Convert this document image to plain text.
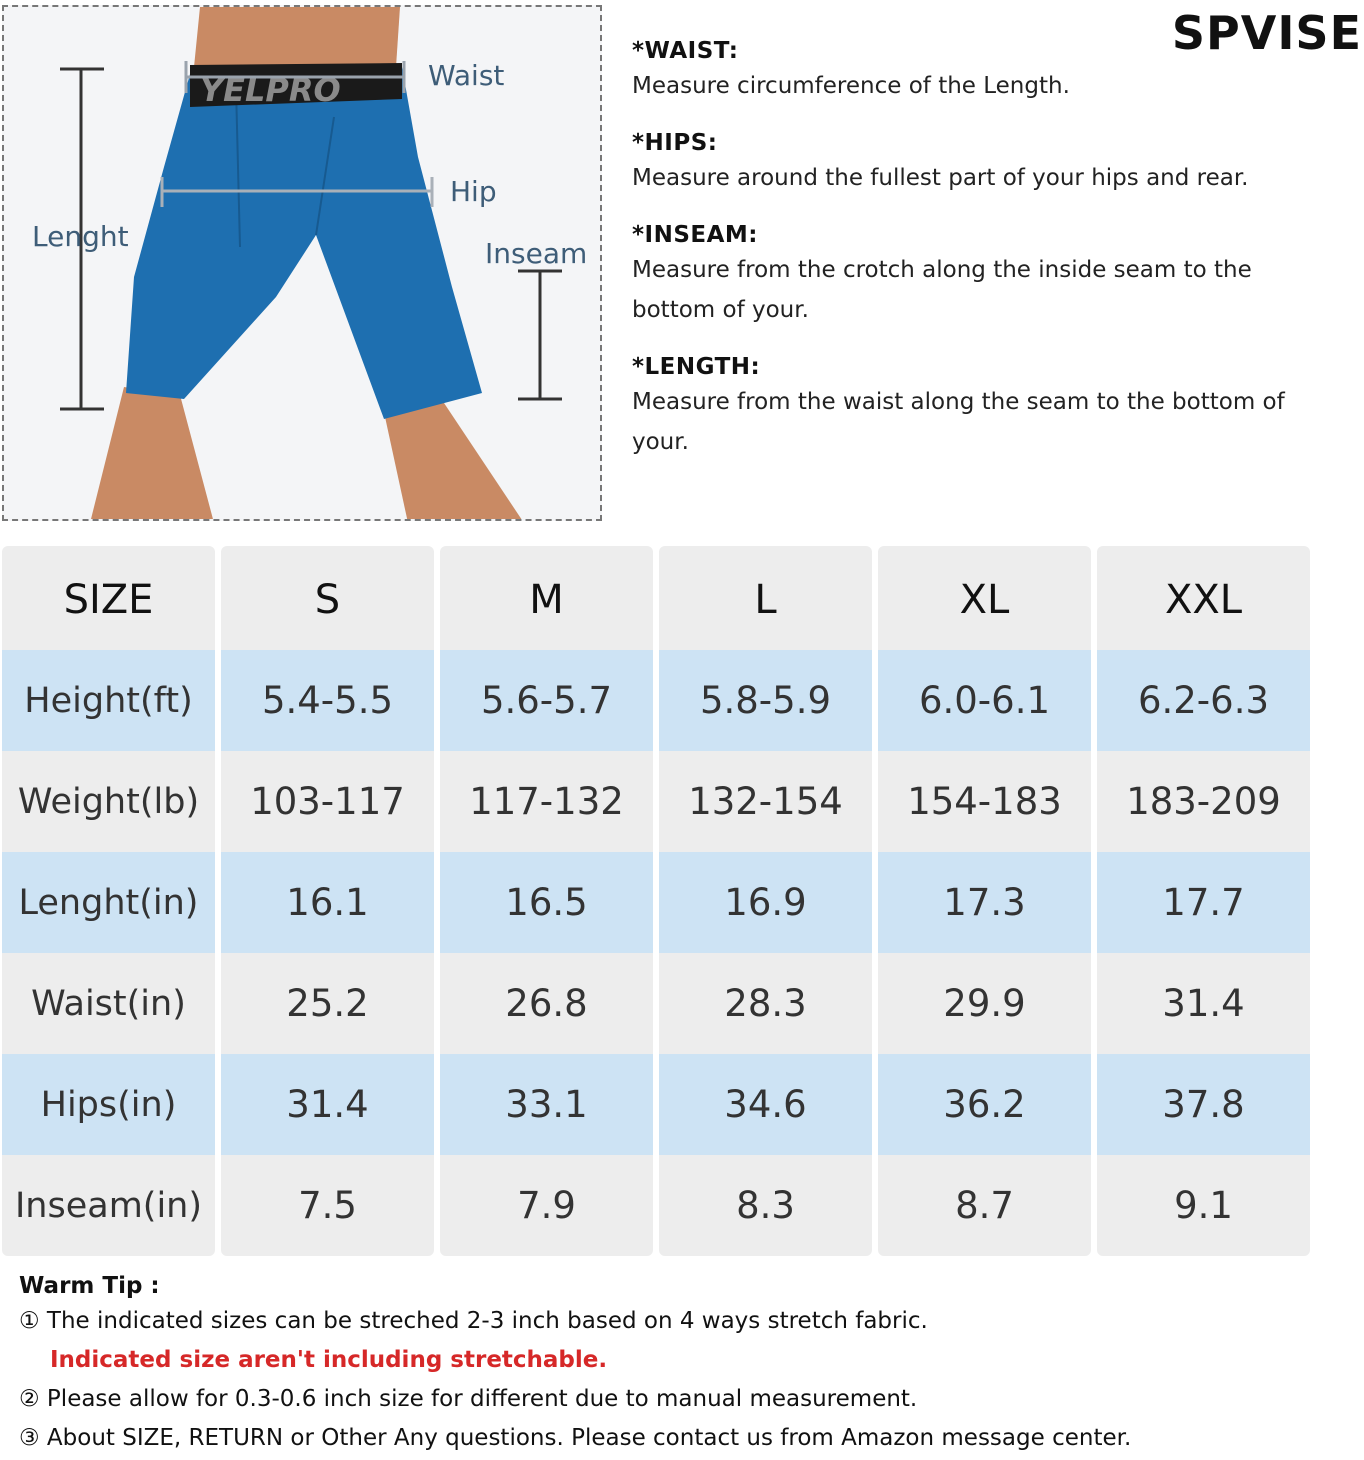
YELPRO	Waist
Hip
Lenght
Inseam
SPVISE
*WAIST:
Measure circumference of the Length.
*HIPS:
Measure around the fullest part of your hips and rear.
*INSEAM:
Measure from the crotch along the inside seam to the bottom of your.
*LENGTH:
Measure from the waist along the seam to the bottom of your.
SIZE	S	M	L	XL	XXL
Height(ft)	5.4-5.5	5.6-5.7	5.8-5.9	6.0-6.1	6.2-6.3
Weight(lb)	103-117	117-132	132-154	154-183	183-209
Lenght(in)	16.1	16.5	16.9	17.3	17.7
Waist(in)	25.2	26.8	28.3	29.9	31.4
Hips(in)	31.4	33.1	34.6	36.2	37.8
Inseam(in)	7.5	7.9	8.3	8.7	9.1
Warm Tip :
① The indicated sizes can be streched 2-3 inch based on 4 ways stretch fabric.
Indicated size aren't including stretchable.
② Please allow for 0.3-0.6 inch size for different due to manual measurement.
③ About SIZE, RETURN or Other Any questions. Please contact us from Amazon message center.
